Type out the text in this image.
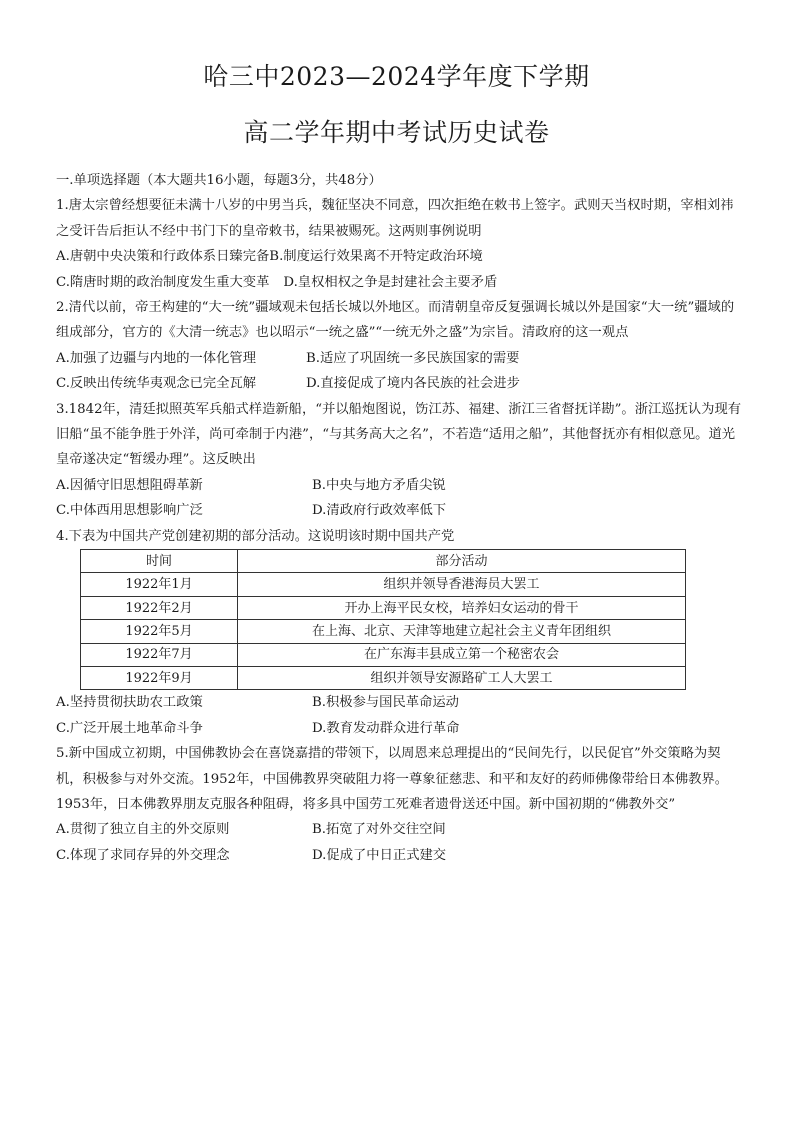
哈三中2023—2024学年度下学期
高二学年期中考试历史试卷

一.单项选择题（本大题共16小题，每题3分，共48分）

1.唐太宗曾经想要征未满十八岁的中男当兵，魏征坚决不同意，四次拒绝在敕书上签字。武则天当权时期，宰相刘祎之受讦告后拒认不经中书门下的皇帝敕书，结果被赐死。这两则事例说明

A.唐朝中央决策和行政体系日臻完备 B.制度运行效果离不开特定政治环境
C.隋唐时期的政治制度发生重大变革 D.皇权相权之争是封建社会主要矛盾

2.清代以前，帝王构建的“大一统”疆域观未包括长城以外地区。而清朝皇帝反复强调长城以外是国家“大一统”疆域的组成部分，官方的《大清一统志》也以昭示“一统之盛”“一统无外之盛”为宗旨。清政府的这一观点

A.加强了边疆与内地的一体化管理	B.适应了巩固统一多民族国家的需要
C.反映出传统华夷观念已完全瓦解	D.直接促成了境内各民族的社会进步

3.1842年，清廷拟照英军兵船式样造新船，“并以船炮图说，饬江苏、福建、浙江三省督抚详勘”。浙江巡抚认为现有旧船“虽不能争胜于外洋，尚可牵制于内港”，“与其务高大之名”，不若造“适用之船”，其他督抚亦有相似意见。道光皇帝遂决定“暂缓办理”。这反映出

A.因循守旧思想阻碍革新	B.中央与地方矛盾尖锐
C.中体西用思想影响广泛	D.清政府行政效率低下

4.下表为中国共产党创建初期的部分活动。这说明该时期中国共产党

时间	部分活动
1922年1月	组织并领导香港海员大罢工
1922年2月	开办上海平民女校，培养妇女运动的骨干
1922年5月	在上海、北京、天津等地建立起社会主义青年团组织
1922年7月	在广东海丰县成立第一个秘密农会
1922年9月	组织并领导安源路矿工人大罢工
A.坚持贯彻扶助农工政策	B.积极参与国民革命运动
C.广泛开展土地革命斗争	D.教育发动群众进行革命

5.新中国成立初期，中国佛教协会在喜饶嘉措的带领下，以周恩来总理提出的“民间先行，以民促官”外交策略为契机，积极参与对外交流。1952年，中国佛教界突破阻力将一尊象征慈悲、和平和友好的药师佛像带给日本佛教界。1953年，日本佛教界朋友克服各种阻碍，将多具中国劳工死难者遗骨送还中国。新中国初期的“佛教外交”

A.贯彻了独立自主的外交原则	B.拓宽了对外交往空间
C.体现了求同存异的外交理念	D.促成了中日正式建交
